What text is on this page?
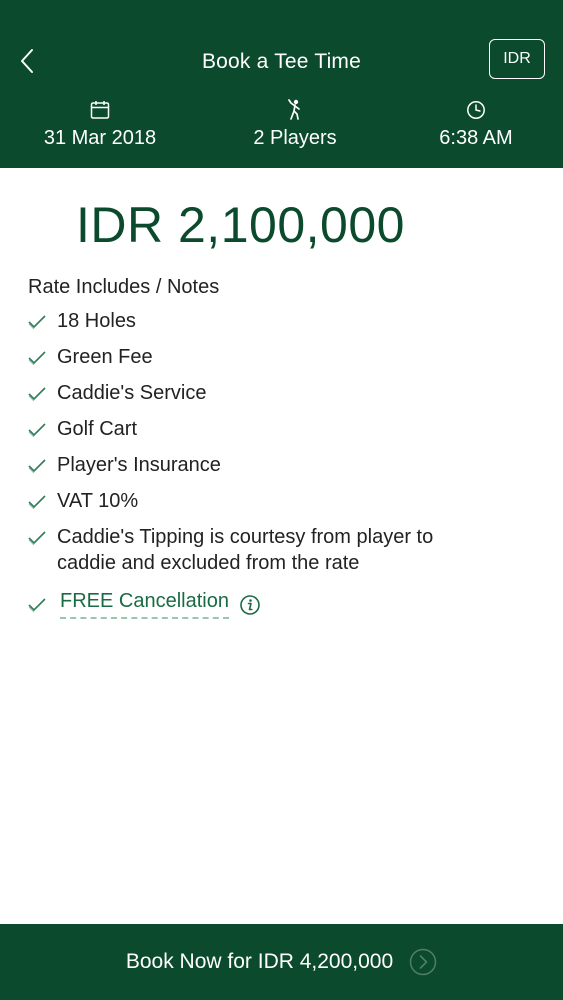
Book a Tee Time	IDR
31 Mar 2018	2 Players	6:38 AM
IDR 2,100,000
Rate Includes / Notes
18 Holes
Green Fee
Caddie's Service
Golf Cart
Player's Insurance
VAT 10%
Caddie's Tipping is courtesy from player to caddie and excluded from the rate
FREE Cancellation
Book Now for IDR 4,200,000
